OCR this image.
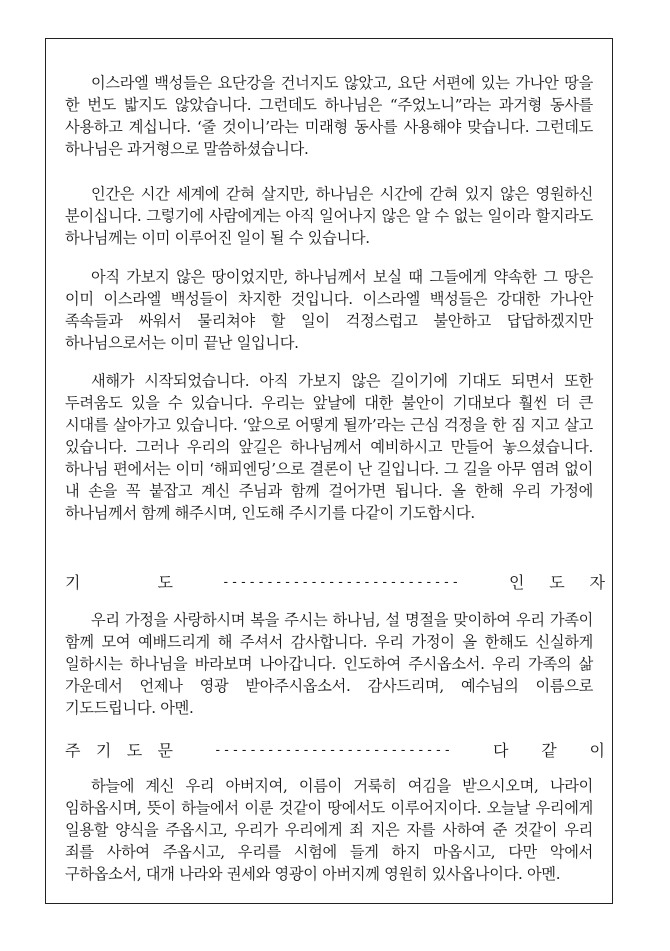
이스라엘 백성들은 요단강을 건너지도 않았고, 요단 서편에 있는 가나안 땅을 한 번도 밟지도 않았습니다. 그런데도 하나님은 “주었노니”라는 과거형 동사를 사용하고 계십니다. ‘줄 것이니’라는 미래형 동사를 사용해야 맞습니다. 그런데도 하나님은 과거형으로 말씀하셨습니다.

인간은 시간 세계에 갇혀 살지만, 하나님은 시간에 갇혀 있지 않은 영원하신 분이십니다. 그렇기에 사람에게는 아직 일어나지 않은 알 수 없는 일이라 할지라도 하나님께는 이미 이루어진 일이 될 수 있습니다.

아직 가보지 않은 땅이었지만, 하나님께서 보실 때 그들에게 약속한 그 땅은 이미 이스라엘 백성들이 차지한 것입니다. 이스라엘 백성들은 강대한 가나안 족속들과 싸워서 물리쳐야 할 일이 걱정스럽고 불안하고 답답하겠지만 하나님으로서는 이미 끝난 일입니다.

새해가 시작되었습니다. 아직 가보지 않은 길이기에 기대도 되면서 또한 두려움도 있을 수 있습니다. 우리는 앞날에 대한 불안이 기대보다 훨씬 더 큰 시대를 살아가고 있습니다. ‘앞으로 어떻게 될까’라는 근심 걱정을 한 짐 지고 살고 있습니다. 그러나 우리의 앞길은 하나님께서 예비하시고 만들어 놓으셨습니다. 하나님 편에서는 이미 ‘해피엔딩’으로 결론이 난 길입니다. 그 길을 아무 염려 없이 내 손을 꼭 붙잡고 계신 주님과 함께 걸어가면 됩니다. 올 한해 우리 가정에 하나님께서 함께 해주시며, 인도해 주시기를 다같이 기도합시다.

기	도	---------------------------	인 도 자

우리 가정을 사랑하시며 복을 주시는 하나님, 설 명절을 맞이하여 우리 가족이 함께 모여 예배드리게 해 주셔서 감사합니다. 우리 가정이 올 한해도 신실하게 일하시는 하나님을 바라보며 나아갑니다. 인도하여 주시옵소서. 우리 가족의 삶 가운데서 언제나 영광 받아주시옵소서. 감사드리며, 예수님의 이름으로 기도드립니다. 아멘.

주 기 도 문	---------------------------	다 같 이

하늘에 계신 우리 아버지여, 이름이 거룩히 여김을 받으시오며, 나라이 임하옵시며, 뜻이 하늘에서 이룬 것같이 땅에서도 이루어지이다. 오늘날 우리에게 일용할 양식을 주옵시고, 우리가 우리에게 죄 지은 자를 사하여 준 것같이 우리 죄를 사하여 주옵시고, 우리를 시험에 들게 하지 마옵시고, 다만 악에서 구하옵소서, 대개 나라와 권세와 영광이 아버지께 영원히 있사옵나이다. 아멘.
